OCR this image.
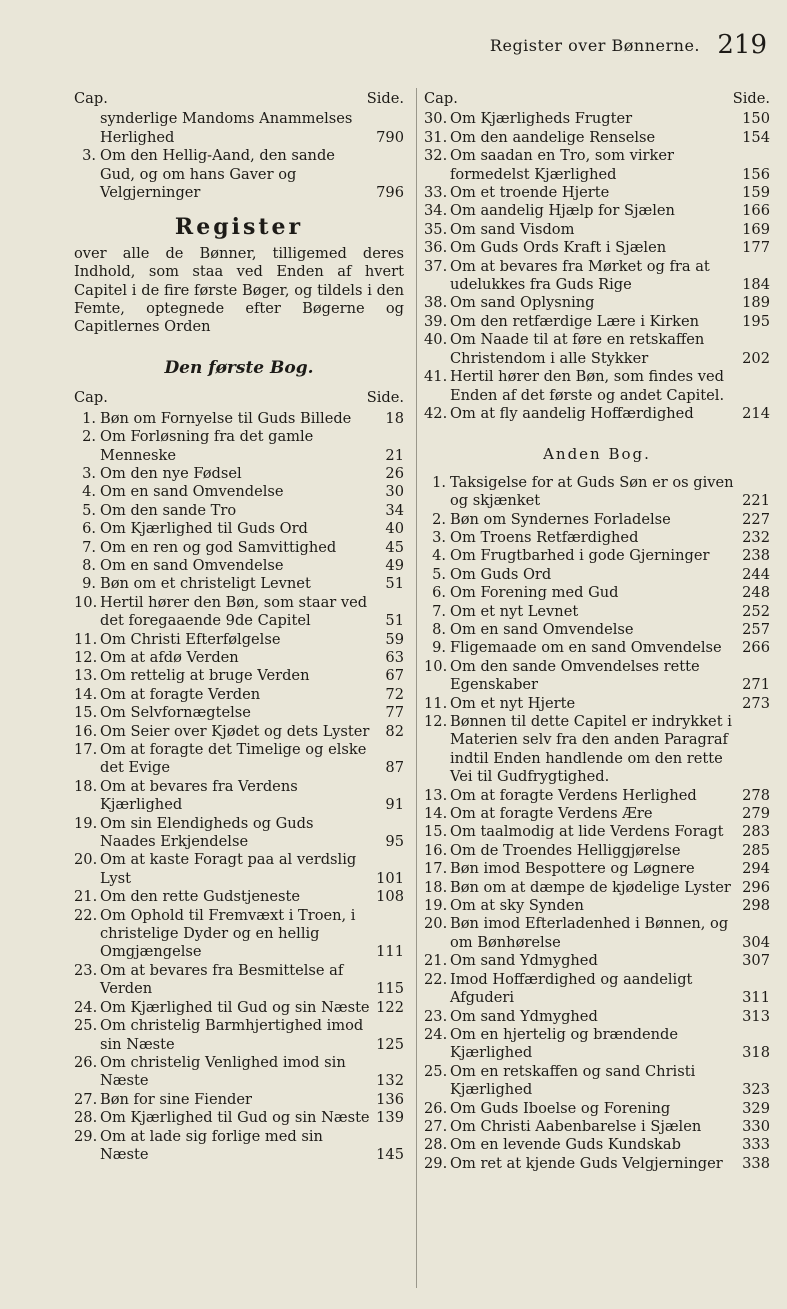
Register over Bønnerne. 219
Cap.	Side.
synderlige Mandoms Anammelses Herlighed	790
3. Om den Hellig-Aand, den sande Gud, og om hans Gaver og Velgjerninger	796
Register
over alle de Bønner, tilligemed deres Indhold, som staa ved Enden af hvert Capitel i de fire første Bøger, og tildels i den Femte, optegnede efter Bøgerne og Capitlernes Orden
Den første Bog.
Cap.	Side.
1. Bøn om Fornyelse til Guds Billede	18
2. Om Forløsning fra det gamle Menneske	21
3. Om den nye Fødsel	26
4. Om en sand Omvendelse	30
5. Om den sande Tro	34
6. Om Kjærlighed til Guds Ord	40
7. Om en ren og god Samvittighed	45
8. Om en sand Omvendelse	49
9. Bøn om et christeligt Levnet	51
10. Hertil hører den Bøn, som staar ved det foregaaende 9de Capitel	51
11. Om Christi Efterfølgelse	59
12. Om at afdø Verden	63
13. Om rettelig at bruge Verden	67
14. Om at foragte Verden	72
15. Om Selvfornægtelse	77
16. Om Seier over Kjødet og dets Lyster	82
17. Om at foragte det Timelige og elske det Evige	87
18. Om at bevares fra Verdens Kjærlighed	91
19. Om sin Elendigheds og Guds Naades Erkjendelse	95
20. Om at kaste Foragt paa al verdslig Lyst	101
21. Om den rette Gudstjeneste	108
22. Om Ophold til Fremvæxt i Troen, i christelige Dyder og en hellig Omgjængelse	111
23. Om at bevares fra Besmittelse af Verden	115
24. Om Kjærlighed til Gud og sin Næste 122
25. Om christelig Barmhjertighed imod sin Næste	125
26. Om christelig Venlighed imod sin Næste	132
27. Bøn for sine Fiender	136
28. Om Kjærlighed til Gud og sin Næste 139
29. Om at lade sig forlige med sin Næste	145
Cap.	Side.
30. Om Kjærligheds Frugter	150
31. Om den aandelige Renselse	154
32. Om saadan en Tro, som virker formedelst Kjærlighed	156
33. Om et troende Hjerte	159
34. Om aandelig Hjælp for Sjælen	166
35. Om sand Visdom	169
36. Om Guds Ords Kraft i Sjælen	177
37. Om at bevares fra Mørket og fra at udelukkes fra Guds Rige	184
38. Om sand Oplysning	189
39. Om den retfærdige Lære i Kirken	195
40. Om Naade til at føre en retskaffen Christendom i alle Stykker	202
41. Hertil hører den Bøn, som findes ved Enden af det første og andet Capitel.
42. Om at fly aandelig Hoffærdighed	214
Anden Bog.
1. Taksigelse for at Guds Søn er os given og skjænket	221
2. Bøn om Syndernes Forladelse	227
3. Om Troens Retfærdighed	232
4. Om Frugtbarhed i gode Gjerninger	238
5. Om Guds Ord	244
6. Om Forening med Gud	248
7. Om et nyt Levnet	252
8. Om en sand Omvendelse	257
9. Fligemaade om en sand Omvendelse	266
10. Om den sande Omvendelses rette Egenskaber	271
11. Om et nyt Hjerte	273
12. Bønnen til dette Capitel er indrykket i Materien selv fra den anden Paragraf indtil Enden handlende om den rette Vei til Gudfrygtighed.
13. Om at foragte Verdens Herlighed	278
14. Om at foragte Verdens Ære	279
15. Om taalmodig at lide Verdens Foragt	283
16. Om de Troendes Helliggjørelse	285
17. Bøn imod Bespottere og Løgnere	294
18. Bøn om at dæmpe de kjødelige Lyster 296
19. Om at sky Synden	298
20. Bøn imod Efterladenhed i Bønnen, og om Bønhørelse	304
21. Om sand Ydmyghed	307
22. Imod Hoffærdighed og aandeligt Afguderi	311
23. Om sand Ydmyghed	313
24. Om en hjertelig og brændende Kjærlighed	318
25. Om en retskaffen og sand Christi Kjærlighed	323
26. Om Guds Iboelse og Forening	329
27. Om Christi Aabenbarelse i Sjælen	330
28. Om en levende Guds Kundskab	333
29. Om ret at kjende Guds Velgjerninger	338
